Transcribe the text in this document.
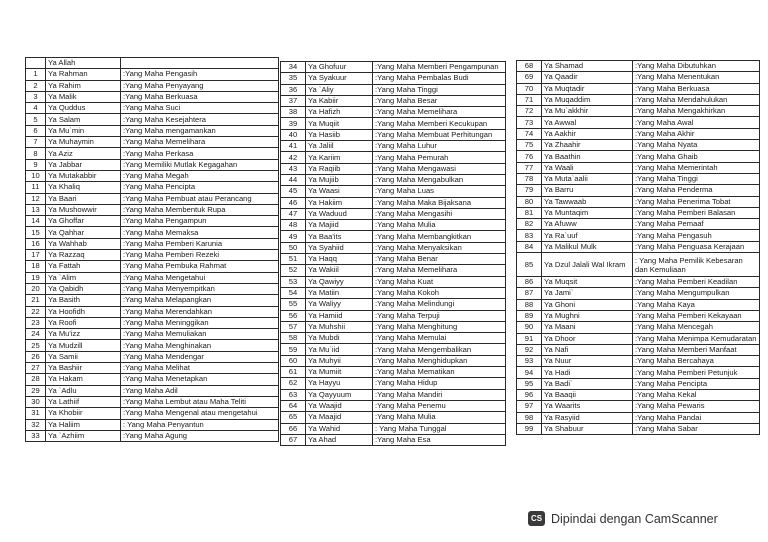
	Ya Allah	
1	Ya Rahman	:Yang Maha Pengasih
2	Ya Rahim	:Yang Maha Penyayang
3	Ya Malik	:Yang Maha Berkuasa
4	Ya Quddus	:Yang Maha Suci
5	Ya Salam	:Yang Maha Kesejahtera
6	Ya Mu`min	:Yang Maha mengamankan
7	Ya Muhaymin	:Yang Maha Memelihara
8	Ya Aziz	:Yang Maha Perkasa
9	Ya Jabbar	:Yang Memiliki Mutlak Kegagahan
10	Ya Mutakabbir	:Yang Maha Megah
11	Ya Khaliq	:Yang Maha Pencipta
12	Ya Baari	:Yang Maha Pembuat atau Perancang
13	Ya Mushowwir	:Yang Maha Membentuk Rupa
14	Ya Ghoffar	:Yang Maha Pengampun
15	Ya Qahhar	:Yang Maha Memaksa
16	Ya Wahhab	:Yang Maha Pemberi Karunia
17	Ya Razzaq	:Yang Maha Pemberi Rezeki
18	Ya Fattah	:Yang Maha Pembuka Rahmat
19	Ya `Alim	:Yang Maha Mengetahui
20	Ya Qabidh	:Yang Maha Menyempitkan
21	Ya Basith	:Yang Maha Melapangkan
22	Ya Hoofidh	:Yang Maha Merendahkan
23	Ya Roofi	:Yang Maha Meninggikan
24	Ya Mu'izz	:Yang Maha Memuliakan
25	Ya Mudzill	:Yang Maha Menghinakan
26	Ya Samii	:Yang Maha Mendengar
27	Ya Bashiir	:Yang Maha Melihat
28	Ya Hakam	:Yang Maha Menetapkan
29	Ya `Adlu	:Yang Maha Adil
30	Ya Lathiif	:Yang Maha Lembut atau Maha Teliti
31	Ya Khobiir	:Yang Maha Mengenal atau mengetahui
32	Ya Haliim	: Yang Maha Penyantun
33	Ya `Azhiim	:Yang Maha Agung
34	Ya Ghofuur	:Yang Maha Memberi Pengampunan
35	Ya Syakuur	:Yang Maha Pembalas Budi
36	Ya `Aliy	:Yang Maha Tinggi
37	Ya Kabiir	:Yang Maha Besar
38	Ya Hafizh	:Yang Maha Memelihara
39	Ya Muqiit	:Yang Maha Memberi Kecukupan
40	Ya Hasiib	:Yang Maha Membuat Perhitungan
41	Ya Jaliil	:Yang Maha Luhur
42	Ya Kariim	:Yang Maha Pemurah
43	Ya Raqiib	:Yang Maha Mengawasi
44	Ya Mujiib	:Yang Maha Mengabulkan
45	Ya Waasi	:Yang Maha Luas
46	Ya Hakiim	:Yang Maha Maka Bijaksana
47	Ya Waduud	:Yang Maha Mengasihi
48	Ya Majiid	:Yang Maha Mulia
49	Ya Baa'its	:Yang Maha Membangkitkan
50	Ya Syahiid	:Yang Maha Menyaksikan
51	Ya Haqq	:Yang Maha Benar
52	Ya Wakiil	:Yang Maha Memelihara
53	Ya Qawiyy	:Yang Maha Kuat
54	Ya Matiin	:Yang Maha Kokoh
55	Ya Waliyy	:Yang Maha Melindungi
56	Ya Hamiid	:Yang Maha Terpuji
57	Ya Muhshii	:Yang Maha Menghitung
58	Ya Mubdi	:Yang Maha Memulai
59	Ya Mu`iid	:Yang Maha Mengembalikan
60	Ya Muhyii	:Yang Maha Menghidupkan
61	Ya Mumiit	:Yang Maha Mematikan
62	Ya Hayyu	:Yang Maha Hidup
63	Ya Qayyuum	:Yang Maha Mandiri
64	Ya Waajid	:Yang Maha Penemu
65	Ya Maajid	:Yang Maha Mulia
66	Ya Wahid	: Yang Maha Tunggal
67	Ya Ahad	:Yang Maha Esa
68	Ya Shamad	:Yang Maha Dibutuhkan
69	Ya Qaadir	:Yang Maha Menentukan
70	Ya Muqtadir	:Yang Maha Berkuasa
71	Ya Muqaddim	:Yang Maha Mendahulukan
72	Ya Mu`akkhir	:Yang Maha Mengakhirkan
73	Ya Awwal	:Yang Maha Awal
74	Ya Aakhir	:Yang Maha Akhir
75	Ya Zhaahir	:Yang Maha Nyata
76	Ya Baathin	:Yang Maha Ghaib
77	Ya Waali	:Yang Maha Memerintah
78	Ya Muta`aalii	:Yang Maha Tinggi
79	Ya Barru	:Yang Maha Penderma
80	Ya Tawwaab	:Yang Maha Penerima Tobat
81	Ya Muntaqim	:Yang Maha Pemberi Balasan
82	Ya Afuww	:Yang Maha Pemaaf
83	Ya Ra`uuf	:Yang Maha Pengasuh
84	Ya Malikul Mulk	:Yang Maha Penguasa Kerajaan
85	Ya Dzul Jalali Wal Ikram	: Yang Maha Pemilik Kebesaran dan Kemuliaan
86	Ya Muqsit	:Yang Maha Pemberi Keadilan
87	Ya Jami`	:Yang Maha Mengumpulkan
88	Ya Ghoni	:Yang Maha Kaya
89	Ya Mughni	:Yang Maha Pemberi Kekayaan
90	Ya Maani	:Yang Maha Mencegah
91	Ya Dhoor	:Yang Maha Menimpa Kemudaratan
92	Ya Nafi	:Yang Maha Memberi Manfaat
93	Ya Nuur	:Yang Maha Bercahaya
94	Ya Hadi	:Yang Maha Pemberi Petunjuk
95	Ya Badi`	:Yang Maha Pencipta
96	Ya Baaqii	:Yang Maha Kekal
97	Ya Waarits	:Yang Maha Pewaris
98	Ya Rasyiid	:Yang Maha Pandai
99	Ya Shabuur	:Yang Maha Sabar
CS Dipindai dengan CamScanner
